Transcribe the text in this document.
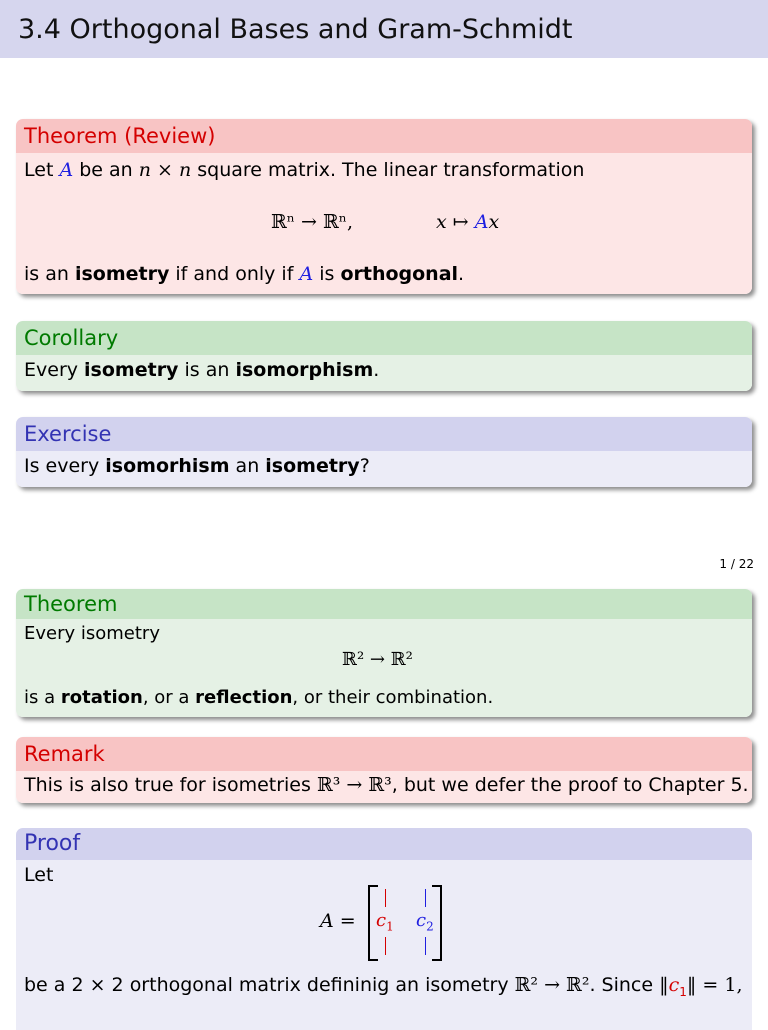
3.4 Orthogonal Bases and Gram-Schmidt
Theorem (Review)
Let A be an n × n square matrix. The linear transformation
ℝⁿ → ℝⁿ,	x ↦ Ax
is an isometry if and only if A is orthogonal.
Corollary
Every isometry is an isomorphism.
Exercise
Is every isomorhism an isometry?
1 / 22
Theorem
Every isometry
ℝ² → ℝ²
is a rotation, or a reflection, or their combination.
Remark
This is also true for isometries ℝ³ → ℝ³, but we defer the proof to Chapter 5.
Proof
Let
$A = c_1$ $c_2$
be a 2 × 2 orthogonal matrix defininig an isometry ℝ² → ℝ². Since $‖c_1‖ = 1$,
